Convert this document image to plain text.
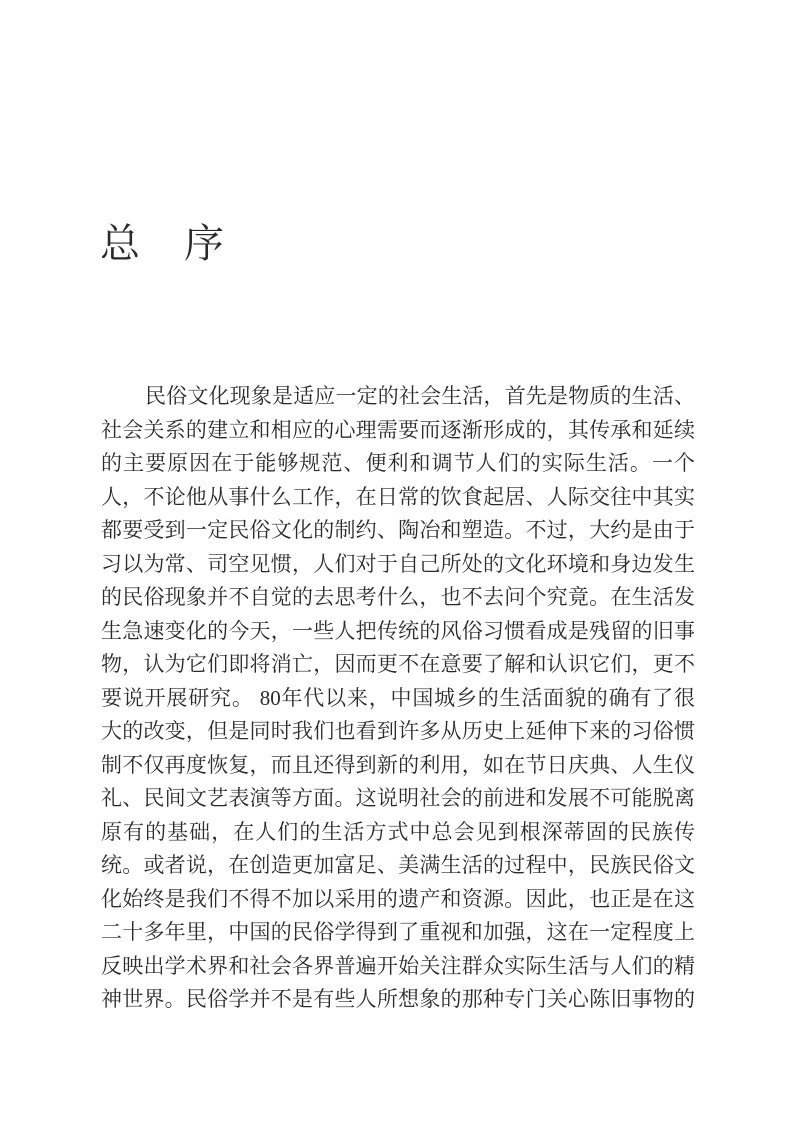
总　序
民俗文化现象是适应一定的社会生活，首先是物质的生活、
社会关系的建立和相应的心理需要而逐渐形成的，其传承和延续
的主要原因在于能够规范、便利和调节人们的实际生活。一个
人，不论他从事什么工作，在日常的饮食起居、人际交往中其实
都要受到一定民俗文化的制约、陶冶和塑造。不过，大约是由于
习以为常、司空见惯，人们对于自己所处的文化环境和身边发生
的民俗现象并不自觉的去思考什么，也不去问个究竟。在生活发
生急速变化的今天，一些人把传统的风俗习惯看成是残留的旧事
物，认为它们即将消亡，因而更不在意要了解和认识它们，更不
要说开展研究。 80年代以来，中国城乡的生活面貌的确有了很
大的改变，但是同时我们也看到许多从历史上延伸下来的习俗惯
制不仅再度恢复，而且还得到新的利用，如在节日庆典、人生仪
礼、民间文艺表演等方面。这说明社会的前进和发展不可能脱离
原有的基础，在人们的生活方式中总会见到根深蒂固的民族传
统。或者说，在创造更加富足、美满生活的过程中，民族民俗文
化始终是我们不得不加以采用的遗产和资源。因此，也正是在这
二十多年里，中国的民俗学得到了重视和加强，这在一定程度上
反映出学术界和社会各界普遍开始关注群众实际生活与人们的精
神世界。民俗学并不是有些人所想象的那种专门关心陈旧事物的
